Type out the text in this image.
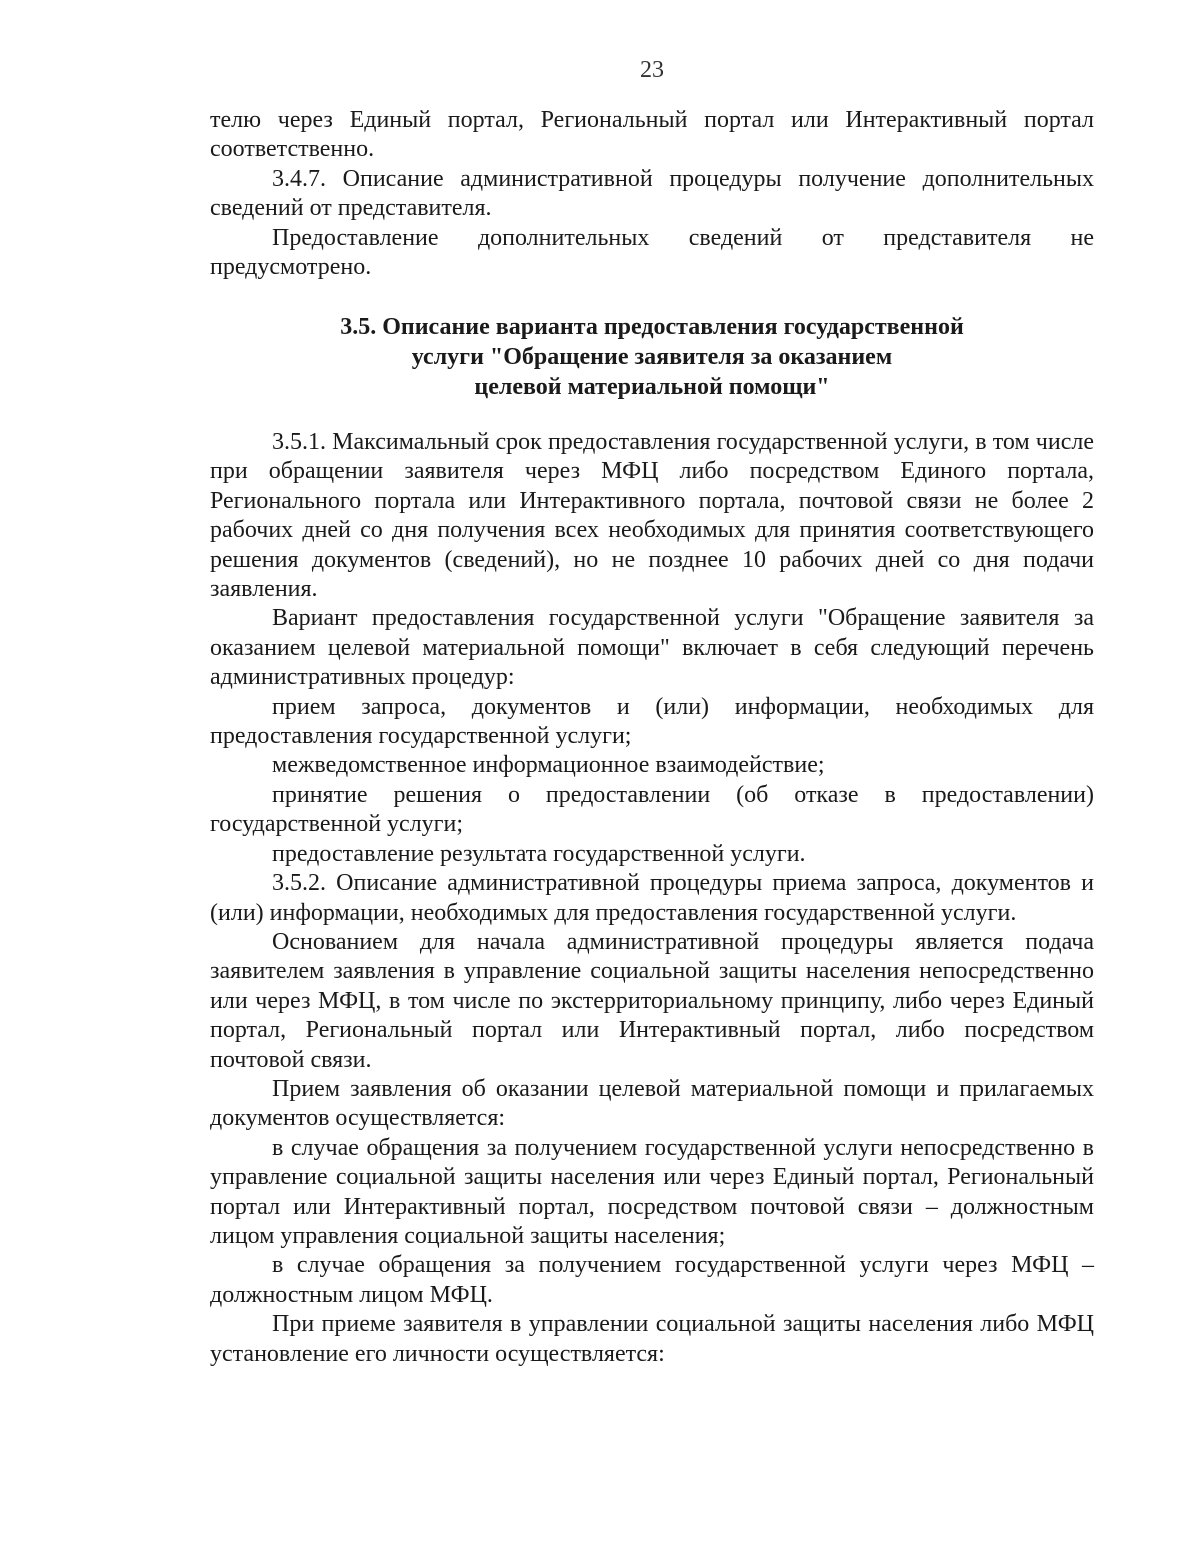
23

телю через Единый портал, Региональный портал или Интерактивный портал соответственно.

3.4.7. Описание административной процедуры получение дополнительных сведений от представителя.

Предоставление дополнительных сведений от представителя не предусмотрено.

3.5. Описание варианта предоставления государственной
услуги "Обращение заявителя за оказанием
целевой материальной помощи"

3.5.1. Максимальный срок предоставления государственной услуги, в том числе при обращении заявителя через МФЦ либо посредством Единого портала, Регионального портала или Интерактивного портала, почтовой связи не более 2 рабочих дней со дня получения всех необходимых для принятия соответствующего решения документов (сведений), но не позднее 10 рабочих дней со дня подачи заявления.

Вариант предоставления государственной услуги "Обращение заявителя за оказанием целевой материальной помощи" включает в себя следующий перечень административных процедур:

прием запроса, документов и (или) информации, необходимых для предоставления государственной услуги;

межведомственное информационное взаимодействие;

принятие решения о предоставлении (об отказе в предоставлении) государственной услуги;

предоставление результата государственной услуги.

3.5.2. Описание административной процедуры приема запроса, документов и (или) информации, необходимых для предоставления государственной услуги.

Основанием для начала административной процедуры является подача заявителем заявления в управление социальной защиты населения непосредственно или через МФЦ, в том числе по экстерриториальному принципу, либо через Единый портал, Региональный портал или Интерактивный портал, либо посредством почтовой связи.

Прием заявления об оказании целевой материальной помощи и прилагаемых документов осуществляется:

в случае обращения за получением государственной услуги непосредственно в управление социальной защиты населения или через Единый портал, Региональный портал или Интерактивный портал, посредством почтовой связи – должностным лицом управления социальной защиты населения;

в случае обращения за получением государственной услуги через МФЦ – должностным лицом МФЦ.

При приеме заявителя в управлении социальной защиты населения либо МФЦ установление его личности осуществляется:
